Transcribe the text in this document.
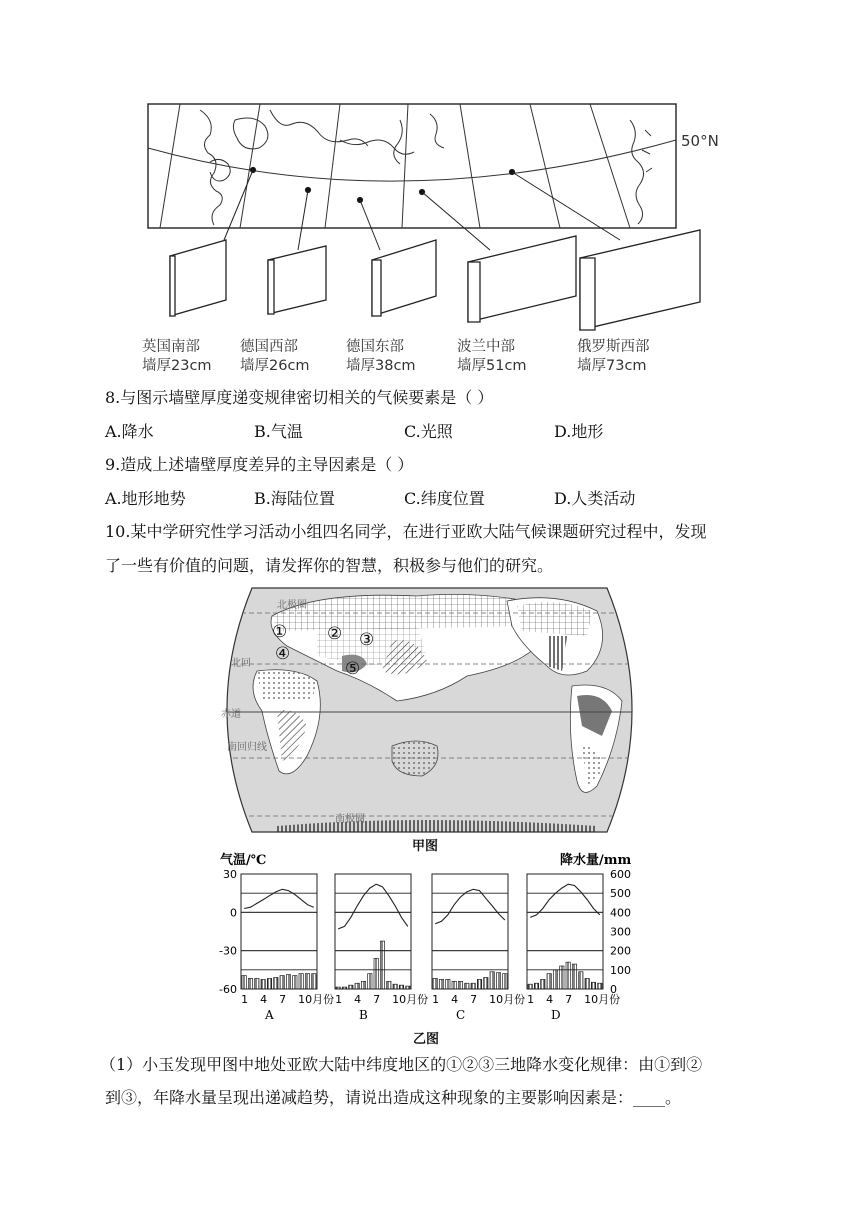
50°N
英国南部
墙厚23cm
德国西部
墙厚26cm
德国东部
墙厚38cm
波兰中部
墙厚51cm
俄罗斯西部
墙厚73cm
8.与图示墙壁厚度递变规律密切相关的气候要素是（ ）
A.降水	B.气温	C.光照	D.地形
9.造成上述墙壁厚度差异的主导因素是（ ）
A.地形地势	B.海陆位置	C.纬度位置	D.人类活动
10.某中学研究性学习活动小组四名同学，在进行亚欧大陆气候课题研究过程中，发现
了一些有价值的问题，请发挥你的智慧，积极参与他们的研究。
北极圈
北回
赤道
南回归线
南极圈
① ② ③
④
⑤
甲图
气温/℃	降水量/mm
30
0
-30
-60
600
500
400
300
200
100
0
1 4 7 10月份
A
1 4 7 10月份
B
1 4 7 10月份
C
1 4 7 10月份
D
乙图
（1）小玉发现甲图中地处亚欧大陆中纬度地区的①②③三地降水变化规律：由①到②
到③，年降水量呈现出递减趋势，请说出造成这种现象的主要影响因素是：____。
